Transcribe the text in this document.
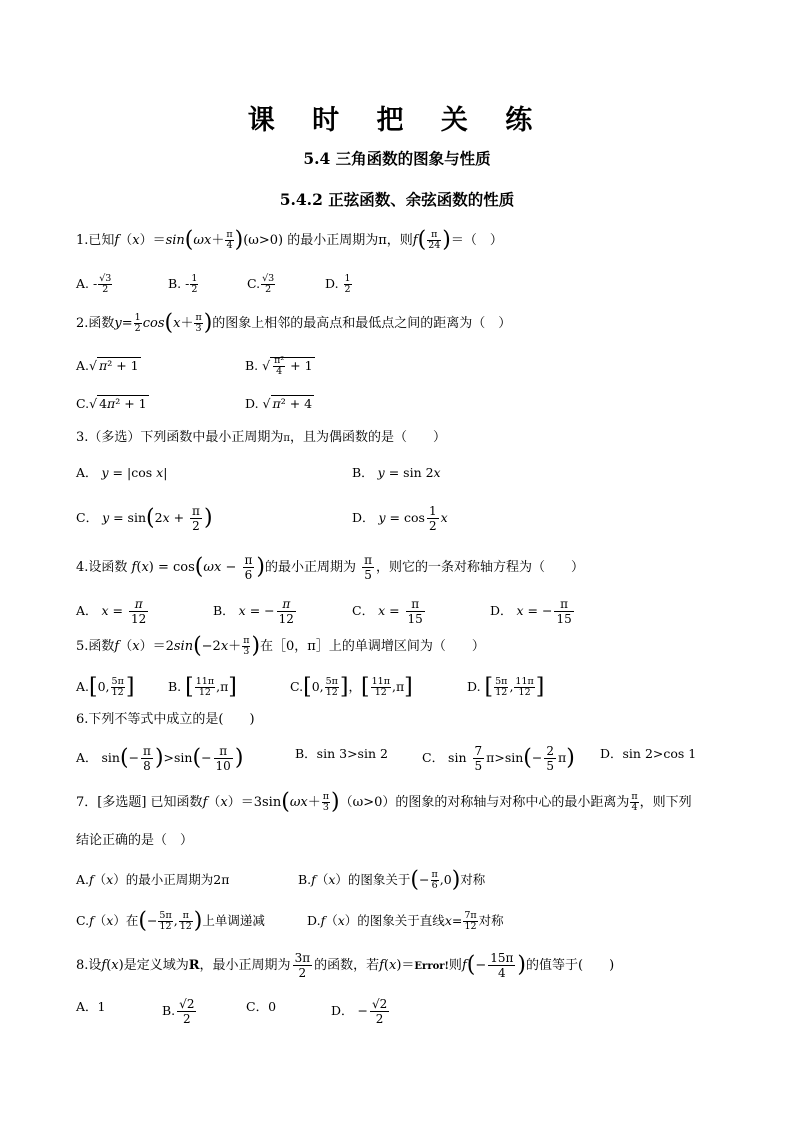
课 时 把 关 练
5.4 三角函数的图象与性质
5.4.2 正弦函数、余弦函数的性质
1.已知$f(x)=\sin(\omega x+ \frac{\pi}{4} )(\omega>0)$ 的最小正周期为π，则$f( \frac{\pi}{24}$ )＝（　）
A. - $\frac{√3}{2}$	B. - $\frac{1}{2}$	C. $\frac{√3}{2}$	D. $\frac{1}{2}$
2.函数$y= \frac{1}{2} \cos(x+ \frac{\pi}{3}$ )的图象上相邻的最高点和最低点之间的距离为（　）
A.√ π² + 1	B. √ $\frac{\text{π²}}{4} + 1$
C.√ 4π² + 1	D. √ π² + 4
3.（多选）下列函数中最小正周期为π，且为偶函数的是（　　）
A． y = |cos x|	B． y = sin 2x
C． $y = \sin(2x + \frac{\pi}{2}$ )	D． $y = \cos \frac{1}{2}$ x
4.设函数 $f(x) = \cos(\omega x - \frac{\pi}{6}$ )的最小正周期为 $\frac{\pi}{5}$ ，则它的一条对称轴方程为（　　）
A． $x = \frac{\pi}{12}$	B． x = − $\frac{\pi}{12}$	C． $x = \frac{\pi}{15}$	D． x = − $\frac{\pi}{15}$
5.函数$f(x)=2\sin(-2x+ \frac{\pi}{3}$ )在［0，π］上的单调增区间为（　　）
A.[0, $\frac{5\pi}{12}$ ]	B. [ $\frac{11\pi}{12} ,\pi$]	C.[0, $\frac{5\pi}{12}$ ]，[ $\frac{11\pi}{12} ,\pi$]	D. [ $\frac{5\pi}{12}$ , $\frac{11\pi}{12}$ ]
6.下列不等式中成立的是(　　)
A． $\sin(- \frac{\pi}{8} )>\sin(- \frac{\pi}{10}$ )	B．sin 3>sin 2	C． $\sin \frac{7}{5} \pi>\sin(- \frac{2}{5} \pi)$ D．sin 2>cos 1
7．[多选题] 已知函数$f(x)=3\sin(\omega x+ \frac{\pi}{3} )(\omega>0)$的图象的对称轴与对称中心的最小距离为 $\frac{\pi}{4}$ ，则下列
结论正确的是（　）
A.f（x）的最小正周期为2π	B.f（x）的图象关于(− $\frac{\pi}{6} ,0$)对称
C.f（x）在(− $\frac{5\pi}{12}$ , $\frac{\pi}{12}$ )上单调递减	D.f（x）的图象关于直线$x= \frac{7\pi}{12}$ 对称
8.设f(x)是定义域为R，最小正周期为 $\frac{3\pi}{2}$ 的函数，若f(x)＝Error!则$f(- \frac{15\pi}{4}$ )的值等于(　　)
A．1	B. $\frac{√2}{2}$	C．0	D． − $\frac{√2}{2}$
